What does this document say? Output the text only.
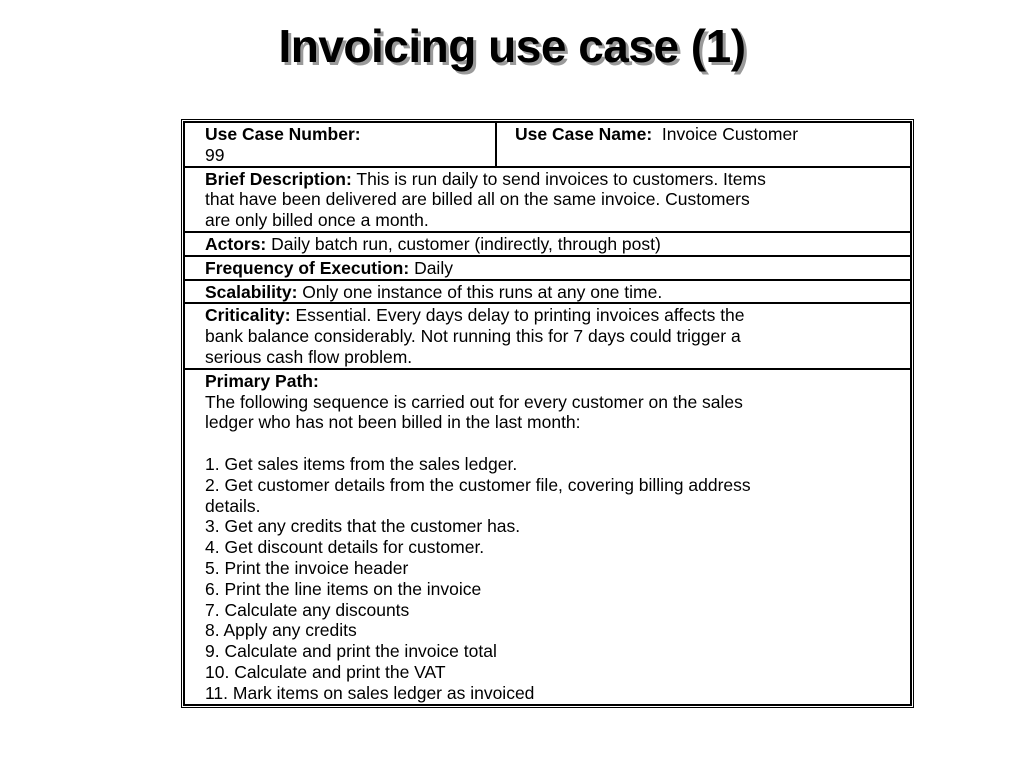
Invoicing use case (1)
Use Case Number:
99

Use Case Name: Invoice Customer

Brief Description: This is run daily to send invoices to customers. Items
that have been delivered are billed all on the same invoice. Customers
are only billed once a month.

Actors: Daily batch run, customer (indirectly, through post)

Frequency of Execution: Daily

Scalability: Only one instance of this runs at any one time.

Criticality: Essential. Every days delay to printing invoices affects the
bank balance considerably. Not running this for 7 days could trigger a
serious cash flow problem.

Primary Path:
The following sequence is carried out for every customer on the sales
ledger who has not been billed in the last month:
1. Get sales items from the sales ledger.
2. Get customer details from the customer file, covering billing address
details.
3. Get any credits that the customer has.
4. Get discount details for customer.
5. Print the invoice header
6. Print the line items on the invoice
7. Calculate any discounts
8. Apply any credits
9. Calculate and print the invoice total
10. Calculate and print the VAT
11. Mark items on sales ledger as invoiced
